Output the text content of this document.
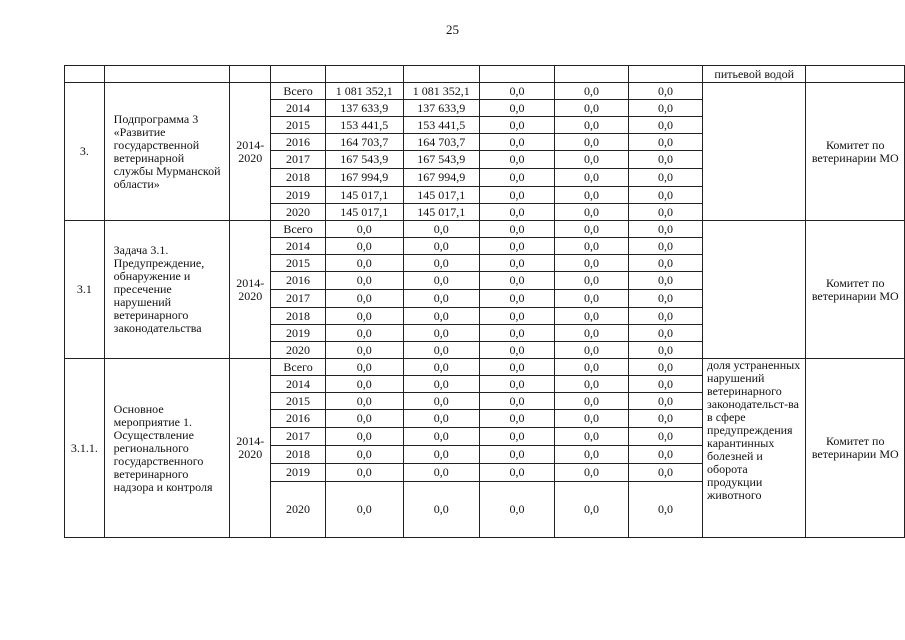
25
									питьевой водой	
3.	Подпрограмма 3 «Развитие государственной ветеринарной службы Мурманской области»	2014-2020	Всего	1 081 352,1	1 081 352,1	0,0	0,0	0,0		Комитет по ветеринарии МО
			2014	137 633,9	137 633,9	0,0	0,0	0,0		
			2015	153 441,5	153 441,5	0,0	0,0	0,0		
			2016	164 703,7	164 703,7	0,0	0,0	0,0		
			2017	167 543,9	167 543,9	0,0	0,0	0,0		
			2018	167 994,9	167 994,9	0,0	0,0	0,0		
			2019	145 017,1	145 017,1	0,0	0,0	0,0		
			2020	145 017,1	145 017,1	0,0	0,0	0,0		
3.1	Задача 3.1. Предупреждение, обнаружение и пресечение нарушений ветеринарного законодательства	2014-2020	Всего	0,0	0,0	0,0	0,0	0,0		Комитет по ветеринарии МО
			2014	0,0	0,0	0,0	0,0	0,0		
			2015	0,0	0,0	0,0	0,0	0,0		
			2016	0,0	0,0	0,0	0,0	0,0		
			2017	0,0	0,0	0,0	0,0	0,0		
			2018	0,0	0,0	0,0	0,0	0,0		
			2019	0,0	0,0	0,0	0,0	0,0		
			2020	0,0	0,0	0,0	0,0	0,0		
3.1.1.	Основное мероприятие 1. Осуществление регионального государственного ветеринарного надзора и контроля	2014-2020	Всего	0,0	0,0	0,0	0,0	0,0	доля устраненных нарушений ветеринарного законодательст-ва в сфере предупреждения карантинных болезней и оборота продукции животного	Комитет по ветеринарии МО
			2014	0,0	0,0	0,0	0,0	0,0		
			2015	0,0	0,0	0,0	0,0	0,0		
			2016	0,0	0,0	0,0	0,0	0,0		
			2017	0,0	0,0	0,0	0,0	0,0		
			2018	0,0	0,0	0,0	0,0	0,0		
			2019	0,0	0,0	0,0	0,0	0,0		
			2020	0,0	0,0	0,0	0,0	0,0		
